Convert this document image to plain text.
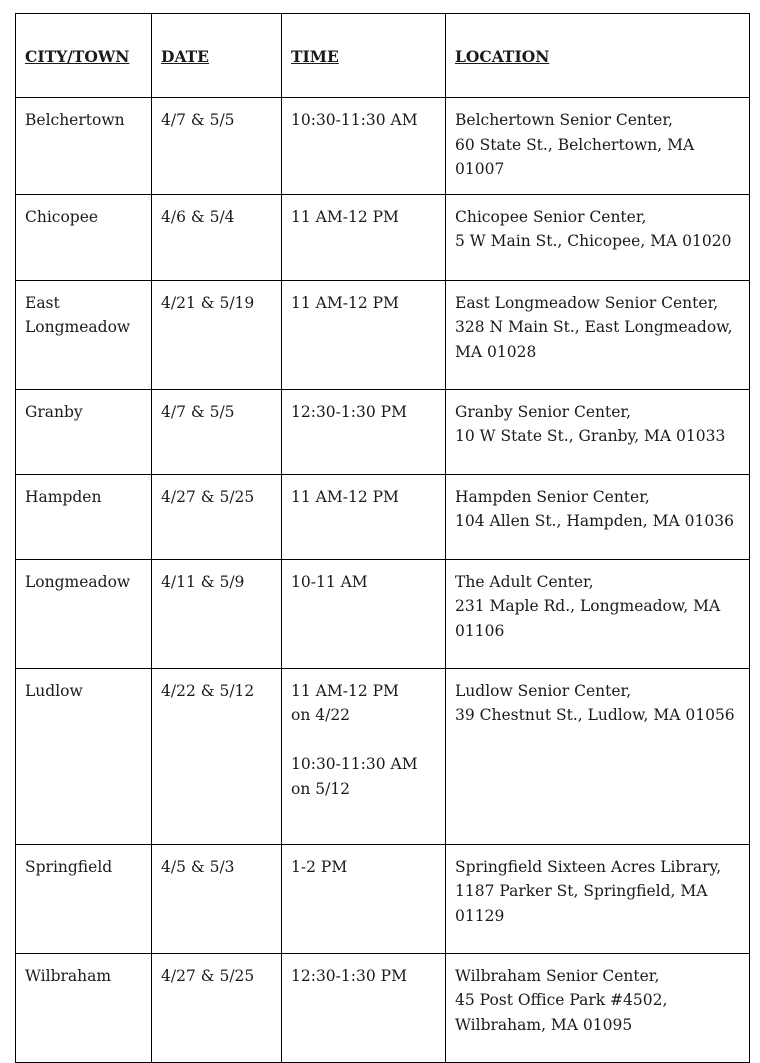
CITY/TOWN	DATE	TIME	LOCATION

Belchertown	4/7 & 5/5	10:30-11:30 AM	Belchertown Senior Center,
60 State St., Belchertown, MA 01007

Chicopee	4/6 & 5/4	11 AM-12 PM	Chicopee Senior Center,
5 W Main St., Chicopee, MA 01020

East
Longmeadow	4/21 & 5/19	11 AM-12 PM	East Longmeadow Senior Center,
328 N Main St., East Longmeadow,
MA 01028

Granby	4/7 & 5/5	12:30-1:30 PM	Granby Senior Center,
10 W State St., Granby, MA 01033

Hampden	4/27 & 5/25	11 AM-12 PM	Hampden Senior Center,
104 Allen St., Hampden, MA 01036

Longmeadow	4/11 & 5/9	10-11 AM	The Adult Center,
231 Maple Rd., Longmeadow, MA
01106

Ludlow	4/22 & 5/12	11 AM-12 PM
on 4/22
10:30-11:30 AM
on 5/12	Ludlow Senior Center,
39 Chestnut St., Ludlow, MA 01056

Springfield	4/5 & 5/3	1-2 PM	Springfield Sixteen Acres Library,
1187 Parker St, Springfield, MA
01129

Wilbraham	4/27 & 5/25	12:30-1:30 PM	Wilbraham Senior Center,
45 Post Office Park #4502,
Wilbraham, MA 01095
